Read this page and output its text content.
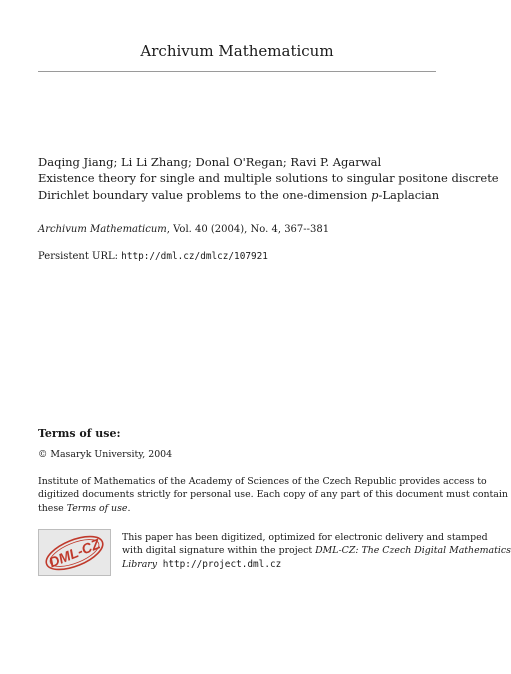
Archivum Mathematicum
Daqing Jiang; Li Li Zhang; Donal O'Regan; Ravi P. Agarwal
Existence theory for single and multiple solutions to singular positone discrete
Dirichlet boundary value problems to the one-dimension p-Laplacian
Archivum Mathematicum, Vol. 40 (2004), No. 4, 367--381
Persistent URL: http://dml.cz/dmlcz/107921
Terms of use:
© Masaryk University, 2004
Institute of Mathematics of the Academy of Sciences of the Czech Republic provides access to
digitized documents strictly for personal use. Each copy of any part of this document must contain
these Terms of use.
DML-CZ This paper has been digitized, optimized for electronic delivery and stamped
with digital signature within the project DML-CZ: The Czech Digital Mathematics
Library http://project.dml.cz
